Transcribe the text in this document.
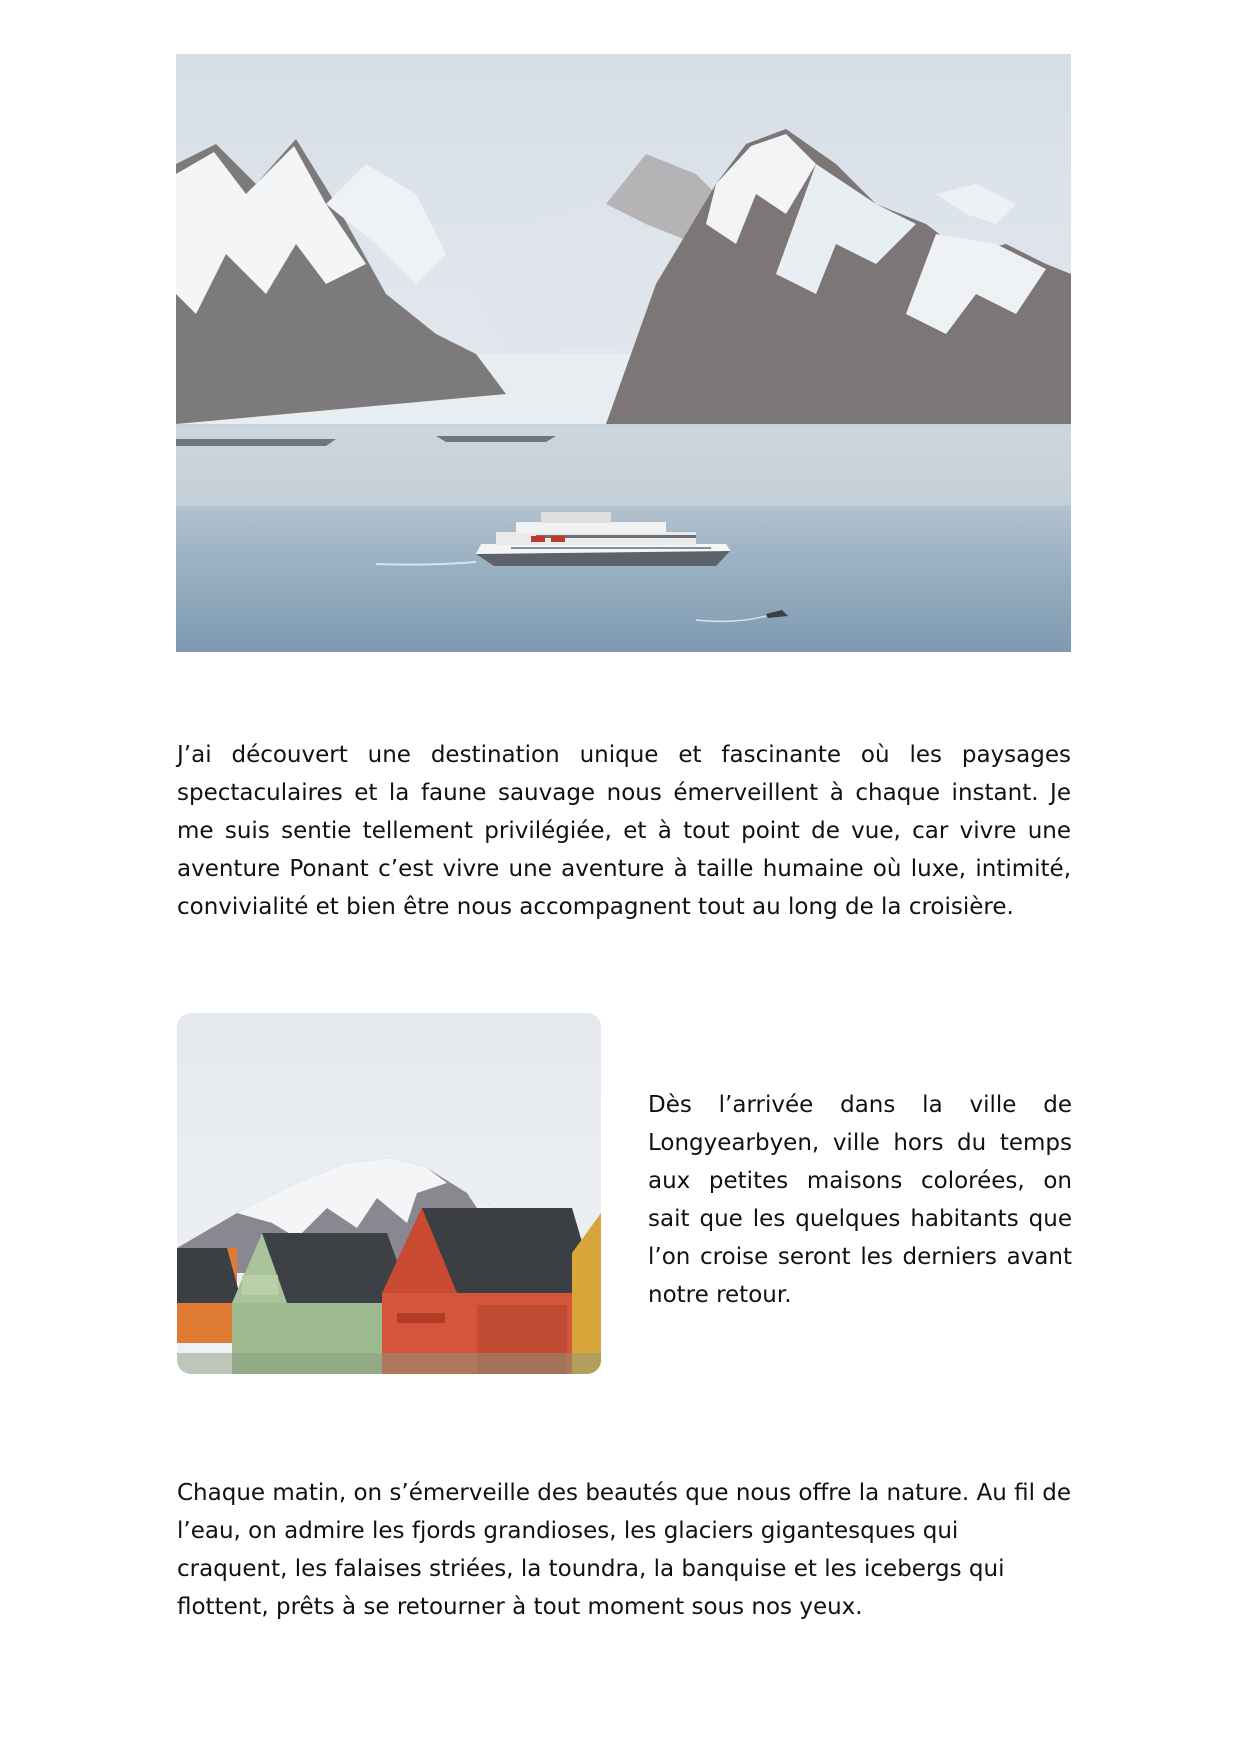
J’ai découvert une destination unique et fascinante où les paysages spectaculaires et la faune sauvage nous émerveillent à chaque instant. Je me suis sentie tellement privilégiée, et à tout point de vue, car vivre une aventure Ponant c’est vivre une aventure à taille humaine où luxe, intimité, convivialité et bien être nous accompagnent tout au long de la croisière.

Dès l’arrivée dans la ville de Longyearbyen, ville hors du temps aux petites maisons colorées, on sait que les quelques habitants que l’on croise seront les derniers avant notre retour.

Chaque matin, on s’émerveille des beautés que nous offre la nature. Au fil de l’eau, on admire les fjords grandioses, les glaciers gigantesques qui craquent, les falaises striées, la toundra, la banquise et les icebergs qui flottent, prêts à se retourner à tout moment sous nos yeux.
